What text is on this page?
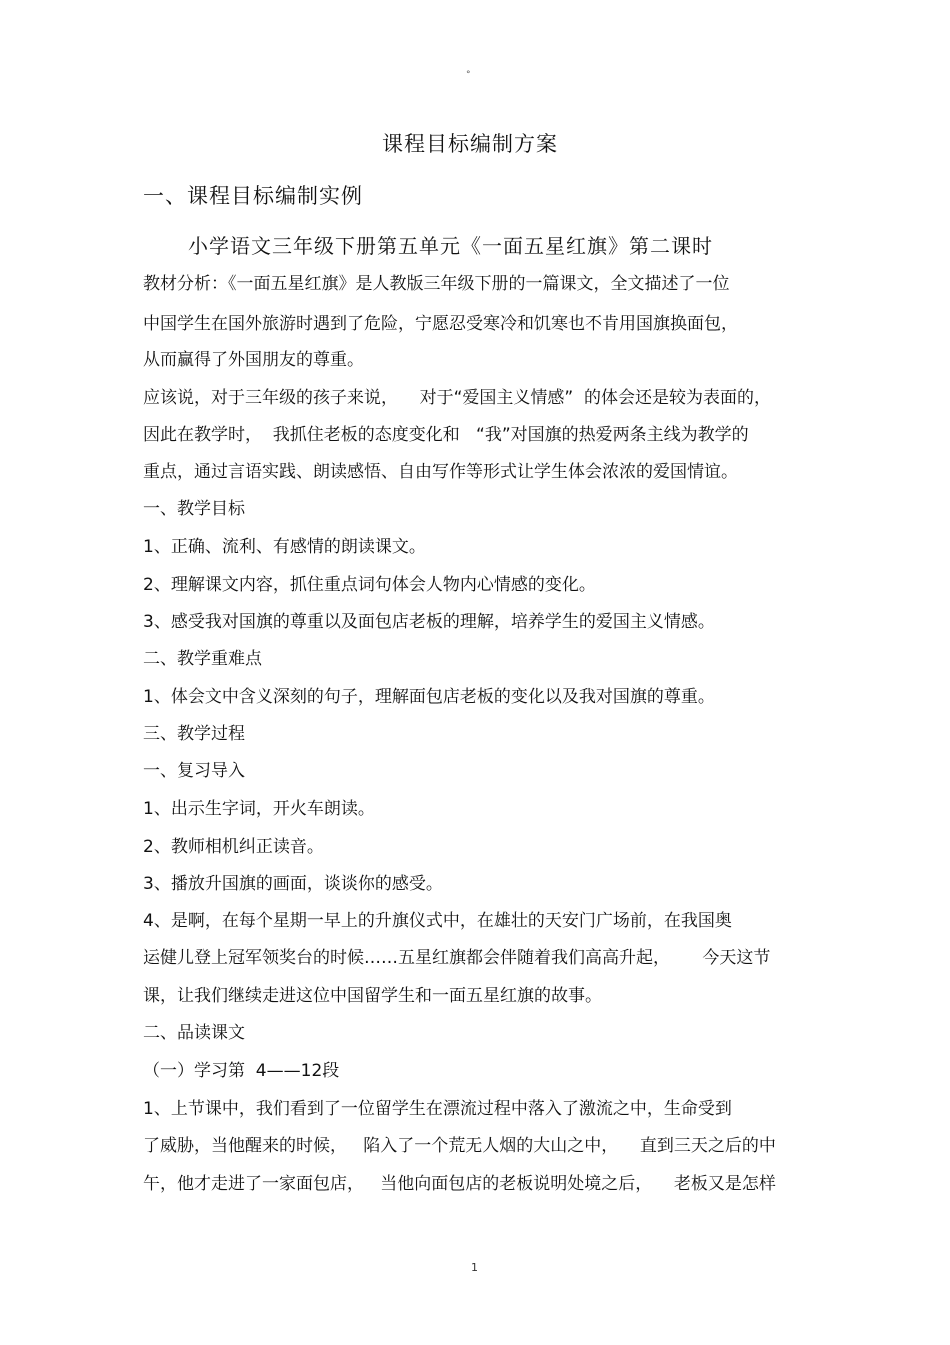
°
课程目标编制方案
一、课程目标编制实例
小学语文三年级下册第五单元《一面五星红旗》第二课时
教材分析：《一面五星红旗》是人教版三年级下册的一篇课文，全文描述了一位
中国学生在国外旅游时遇到了危险，宁愿忍受寒冷和饥寒也不肯用国旗换面包，
从而赢得了外国朋友的尊重。
应该说，对于三年级的孩子来说，    对于“爱国主义情感”  的体会还是较为表面的，
因此在教学时，  我抓住老板的态度变化和   “我”对国旗的热爱两条主线为教学的
重点，通过言语实践、朗读感悟、自由写作等形式让学生体会浓浓的爱国情谊。
一、教学目标
1、正确、流利、有感情的朗读课文。
2、理解课文内容，抓住重点词句体会人物内心情感的变化。
3、感受我对国旗的尊重以及面包店老板的理解，培养学生的爱国主义情感。
二、教学重难点
1、体会文中含义深刻的句子，理解面包店老板的变化以及我对国旗的尊重。
三、教学过程
一、复习导入
1、出示生字词，开火车朗读。
2、教师相机纠正读音。
3、播放升国旗的画面，谈谈你的感受。
4、是啊，在每个星期一早上的升旗仪式中，在雄壮的天安门广场前，在我国奥
运健儿登上冠军领奖台的时候……五星红旗都会伴随着我们高高升起，      今天这节
课，让我们继续走进这位中国留学生和一面五星红旗的故事。
二、品读课文
（一）学习第  4——12段
1、上节课中，我们看到了一位留学生在漂流过程中落入了激流之中，生命受到
了威胁，当他醒来的时候，   陷入了一个荒无人烟的大山之中，    直到三天之后的中
午，他才走进了一家面包店，   当他向面包店的老板说明处境之后，    老板又是怎样
1
